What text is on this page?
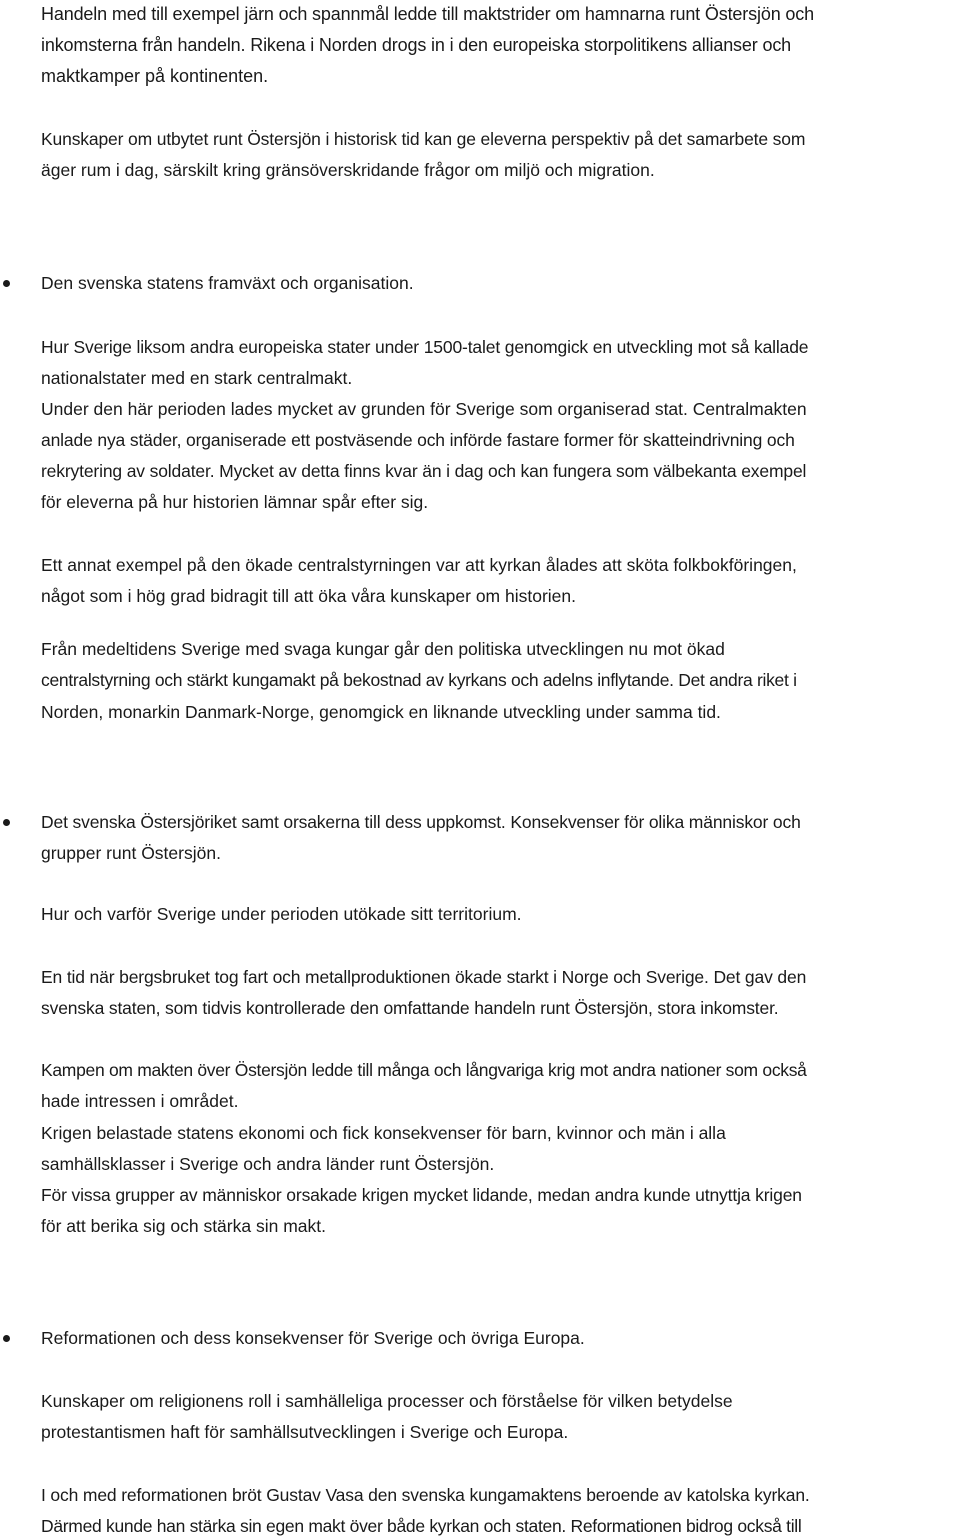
Handeln med till exempel järn och spannmål ledde till maktstrider om hamnarna runt Östersjön och
inkomsterna från handeln. Rikena i Norden drogs in i den europeiska storpolitikens allianser och
maktkamper på kontinenten.
Kunskaper om utbytet runt Östersjön i historisk tid kan ge eleverna perspektiv på det samarbete som
äger rum i dag, särskilt kring gränsöverskridande frågor om miljö och migration.
Den svenska statens framväxt och organisation.
Hur Sverige liksom andra europeiska stater under 1500-talet genomgick en utveckling mot så kallade
nationalstater med en stark centralmakt.
Under den här perioden lades mycket av grunden för Sverige som organiserad stat. Centralmakten
anlade nya städer, organiserade ett postväsende och införde fastare former för skatteindrivning och
rekrytering av soldater. Mycket av detta finns kvar än i dag och kan fungera som välbekanta exempel
för eleverna på hur historien lämnar spår efter sig.
Ett annat exempel på den ökade centralstyrningen var att kyrkan ålades att sköta folkbokföringen,
något som i hög grad bidragit till att öka våra kunskaper om historien.
Från medeltidens Sverige med svaga kungar går den politiska utvecklingen nu mot ökad
centralstyrning och stärkt kungamakt på bekostnad av kyrkans och adelns inflytande. Det andra riket i
Norden, monarkin Danmark-Norge, genomgick en liknande utveckling under samma tid.
Det svenska Östersjöriket samt orsakerna till dess uppkomst. Konsekvenser för olika människor och
grupper runt Östersjön.
Hur och varför Sverige under perioden utökade sitt territorium.
En tid när bergsbruket tog fart och metallproduktionen ökade starkt i Norge och Sverige. Det gav den
svenska staten, som tidvis kontrollerade den omfattande handeln runt Östersjön, stora inkomster.
Kampen om makten över Östersjön ledde till många och långvariga krig mot andra nationer som också
hade intressen i området.
Krigen belastade statens ekonomi och fick konsekvenser för barn, kvinnor och män i alla
samhällsklasser i Sverige och andra länder runt Östersjön.
För vissa grupper av människor orsakade krigen mycket lidande, medan andra kunde utnyttja krigen
för att berika sig och stärka sin makt.
Reformationen och dess konsekvenser för Sverige och övriga Europa.
Kunskaper om religionens roll i samhälleliga processer och förståelse för vilken betydelse
protestantismen haft för samhällsutvecklingen i Sverige och Europa.
I och med reformationen bröt Gustav Vasa den svenska kungamaktens beroende av katolska kyrkan.
Därmed kunde han stärka sin egen makt över både kyrkan och staten. Reformationen bidrog också till
